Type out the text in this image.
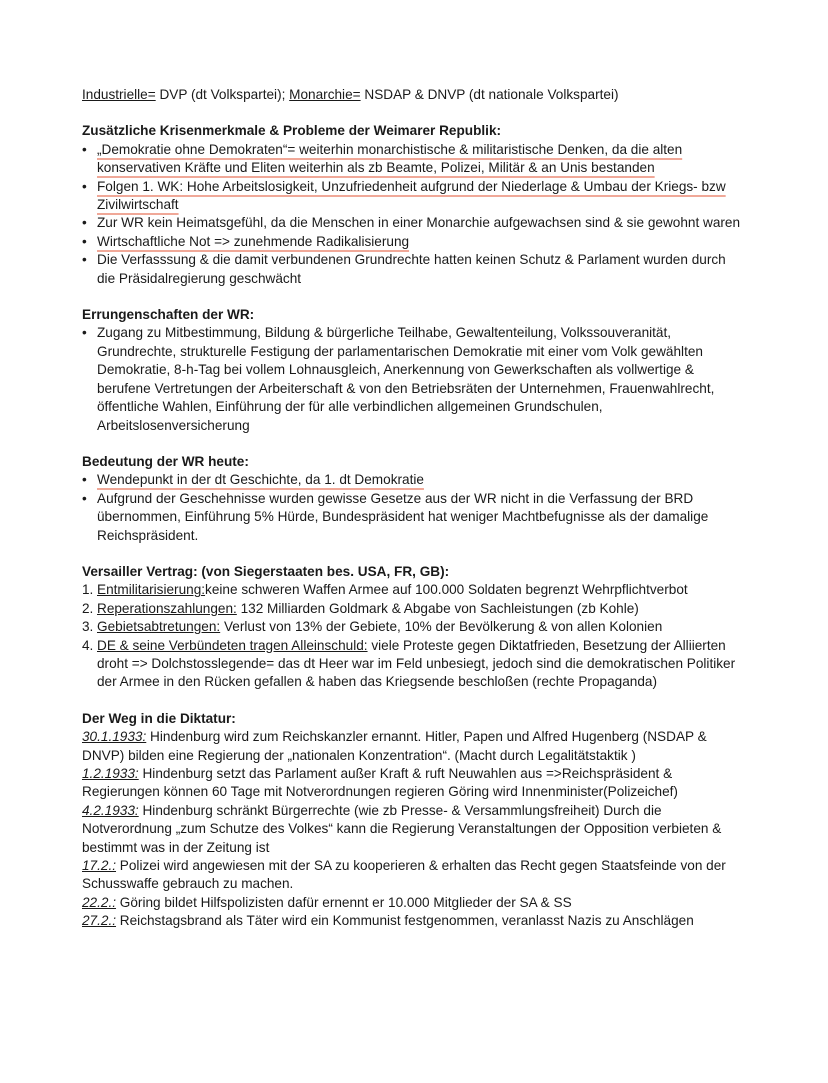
Industrielle= DVP (dt Volkspartei); Monarchie= NSDAP & DNVP (dt nationale Volkspartei)

Zusätzliche Krisenmerkmale & Probleme der Weimarer Republik:

• „Demokratie ohne Demokraten“= weiterhin monarchistische & militaristische Denken, da die alten konservativen Kräfte und Eliten weiterhin als zb Beamte, Polizei, Militär & an Unis bestanden
• Folgen 1. WK: Hohe Arbeitslosigkeit, Unzufriedenheit aufgrund der Niederlage & Umbau der Kriegs- bzw Zivilwirtschaft
• Zur WR kein Heimatsgefühl, da die Menschen in einer Monarchie aufgewachsen sind & sie gewohnt waren
• Wirtschaftliche Not => zunehmende Radikalisierung
• Die Verfasssung & die damit verbundenen Grundrechte hatten keinen Schutz & Parlament wurden durch die Präsidalregierung geschwächt

Errungenschaften der WR:

• Zugang zu Mitbestimmung, Bildung & bürgerliche Teilhabe, Gewaltenteilung, Volkssouveranität, Grundrechte, strukturelle Festigung der parlamentarischen Demokratie mit einer vom Volk gewählten Demokratie, 8-h-Tag bei vollem Lohnausgleich, Anerkennung von Gewerkschaften als vollwertige & berufene Vertretungen der Arbeiterschaft & von den Betriebsräten der Unternehmen, Frauenwahlrecht, öffentliche Wahlen, Einführung der für alle verbindlichen allgemeinen Grundschulen, Arbeitslosenversicherung

Bedeutung der WR heute:

• Wendepunkt in der dt Geschichte, da 1. dt Demokratie
• Aufgrund der Geschehnisse wurden gewisse Gesetze aus der WR nicht in die Verfassung der BRD übernommen, Einführung 5% Hürde, Bundespräsident hat weniger Machtbefugnisse als der damalige Reichspräsident.

Versailler Vertrag: (von Siegerstaaten bes. USA, FR, GB):

1. Entmilitarisierung:keine schweren Waffen Armee auf 100.000 Soldaten begrenzt Wehrpflichtverbot
2. Reperationszahlungen: 132 Milliarden Goldmark & Abgabe von Sachleistungen (zb Kohle)
3. Gebietsabtretungen: Verlust von 13% der Gebiete, 10% der Bevölkerung & von allen Kolonien
4. DE & seine Verbündeten tragen Alleinschuld: viele Proteste gegen Diktatfrieden, Besetzung der Alliierten droht => Dolchstosslegende= das dt Heer war im Feld unbesiegt, jedoch sind die demokratischen Politiker der Armee in den Rücken gefallen & haben das Kriegsende beschloßen (rechte Propaganda)

Der Weg in die Diktatur:

30.1.1933: Hindenburg wird zum Reichskanzler ernannt. Hitler, Papen und Alfred Hugenberg (NSDAP & DNVP) bilden eine Regierung der „nationalen Konzentration“. (Macht durch Legalitätstaktik )

1.2.1933: Hindenburg setzt das Parlament außer Kraft & ruft Neuwahlen aus =>Reichspräsident & Regierungen können 60 Tage mit Notverordnungen regieren Göring wird Innenminister(Polizeichef)

4.2.1933: Hindenburg schränkt Bürgerrechte (wie zb Presse- & Versammlungsfreiheit) Durch die Notverordnung „zum Schutze des Volkes“ kann die Regierung Veranstaltungen der Opposition verbieten & bestimmt was in der Zeitung ist

17.2.: Polizei wird angewiesen mit der SA zu kooperieren & erhalten das Recht gegen Staatsfeinde von der Schusswaffe gebrauch zu machen.

22.2.: Göring bildet Hilfspolizisten dafür ernennt er 10.000 Mitglieder der SA & SS

27.2.: Reichstagsbrand als Täter wird ein Kommunist festgenommen, veranlasst Nazis zu Anschlägen
